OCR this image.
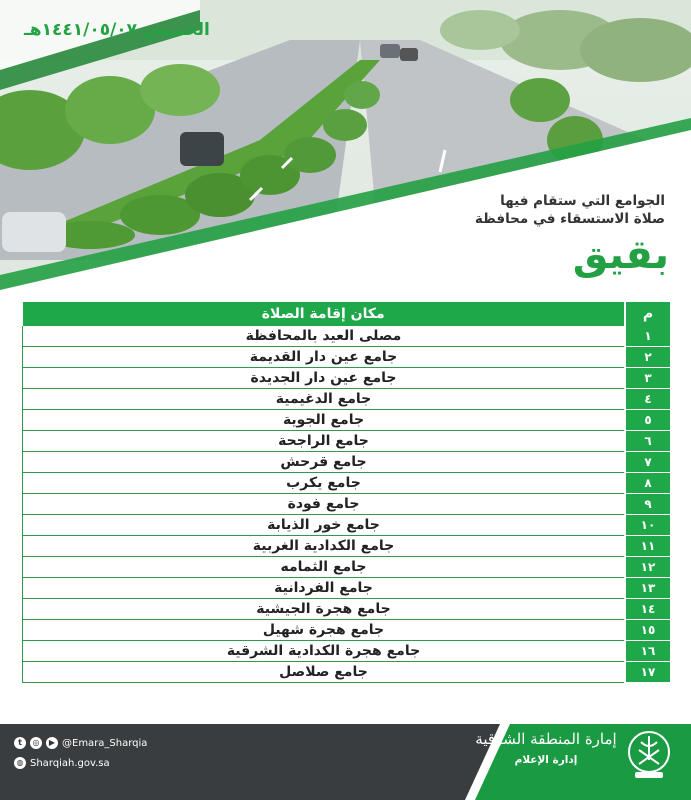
الخميس ١٤٤١/٠٥/٠٧هـ
الجوامع التي ستقام فيها
صلاة الاستسقاء في محافظة
بقيق
م	مكان إقامة الصلاة
١	مصلى العيد بالمحافظة
٢	جامع عين دار القديمة
٣	جامع عين دار الجديدة
٤	جامع الدغيمية
٥	جامع الجوية
٦	جامع الراجحة
٧	جامع قرحش
٨	جامع يكرب
٩	جامع فودة
١٠	جامع خور الذيابة
١١	جامع الكدادية الغربية
١٢	جامع الثمامه
١٣	جامع الفردانية
١٤	جامع هجرة الجيشية
١٥	جامع هجرة شهيل
١٦	جامع هجرة الكدادية الشرقية
١٧	جامع صلاصل
t	◎	▶ @Emara_Sharqia
◍ Sharqiah.gov.sa
إمارة المنطقة الشرقية
إدارة الإعلام
